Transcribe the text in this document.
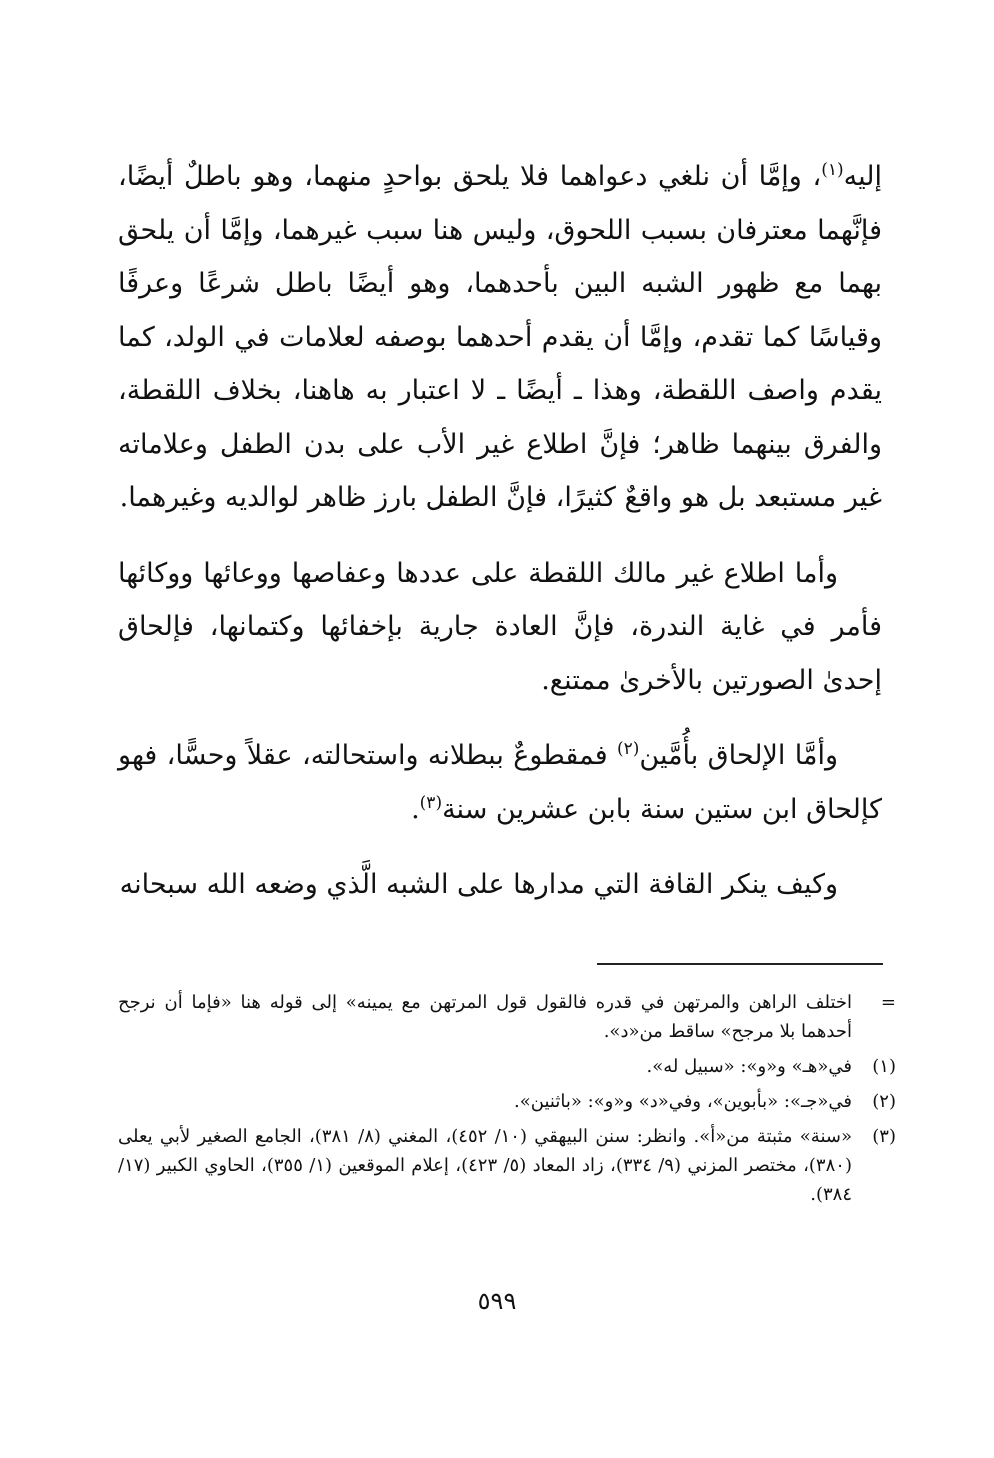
إليه$^{(١)}$، وإمَّا أن نلغي دعواهما فلا يلحق بواحدٍ منهما، وهو باطلٌ أيضًا، فإنَّهما معترفان بسبب اللحوق، وليس هنا سبب غيرهما، وإمَّا أن يلحق بهما مع ظهور الشبه البين بأحدهما، وهو أيضًا باطل شرعًا وعرفًا وقياسًا كما تقدم، وإمَّا أن يقدم أحدهما بوصفه لعلامات في الولد، كما يقدم واصف اللقطة، وهذا ـ أيضًا ـ لا اعتبار به هاهنا، بخلاف اللقطة، والفرق بينهما ظاهر؛ فإنَّ اطلاع غير الأب على بدن الطفل وعلاماته غير مستبعد بل هو واقعٌ كثيرًا، فإنَّ الطفل بارز ظاهر لوالديه وغيرهما.

وأما اطلاع غير مالك اللقطة على عددها وعفاصها ووعائها ووكائها فأمر في غاية الندرة، فإنَّ العادة جارية بإخفائها وكتمانها، فإلحاق إحدىٰ الصورتين بالأخرىٰ ممتنع.

وأمَّا الإلحاق بأُمَّين$^{(٢)}$ فمقطوعٌ ببطلانه واستحالته، عقلاً وحسًّا، فهو كإلحاق ابن ستين سنة بابن عشرين سنة$^{(٣)}$.

وكيف ينكر القافة التي مدارها على الشبه الَّذي وضعه الله سبحانه

=
اختلف الراهن والمرتهن في قدره فالقول قول المرتهن مع يمينه» إلى قوله هنا «فإما أن نرجح أحدهما بلا مرجح» ساقط من«د».
(١)
في«هـ» و«و»: «سبيل له».
(٢)
في«جـ»: «بأبوين»، وفي«د» و«و»: «باثنين».
(٣)
«سنة» مثبتة من«أ». وانظر: سنن البيهقي (١٠/ ٤٥٢)، المغني (٨/ ٣٨١)، الجامع الصغير لأبي يعلى (٣٨٠)، مختصر المزني (٩/ ٣٣٤)، زاد المعاد (٥/ ٤٢٣)، إعلام الموقعين (١/ ٣٥٥)، الحاوي الكبير (١٧/ ٣٨٤).
٥٩٩
